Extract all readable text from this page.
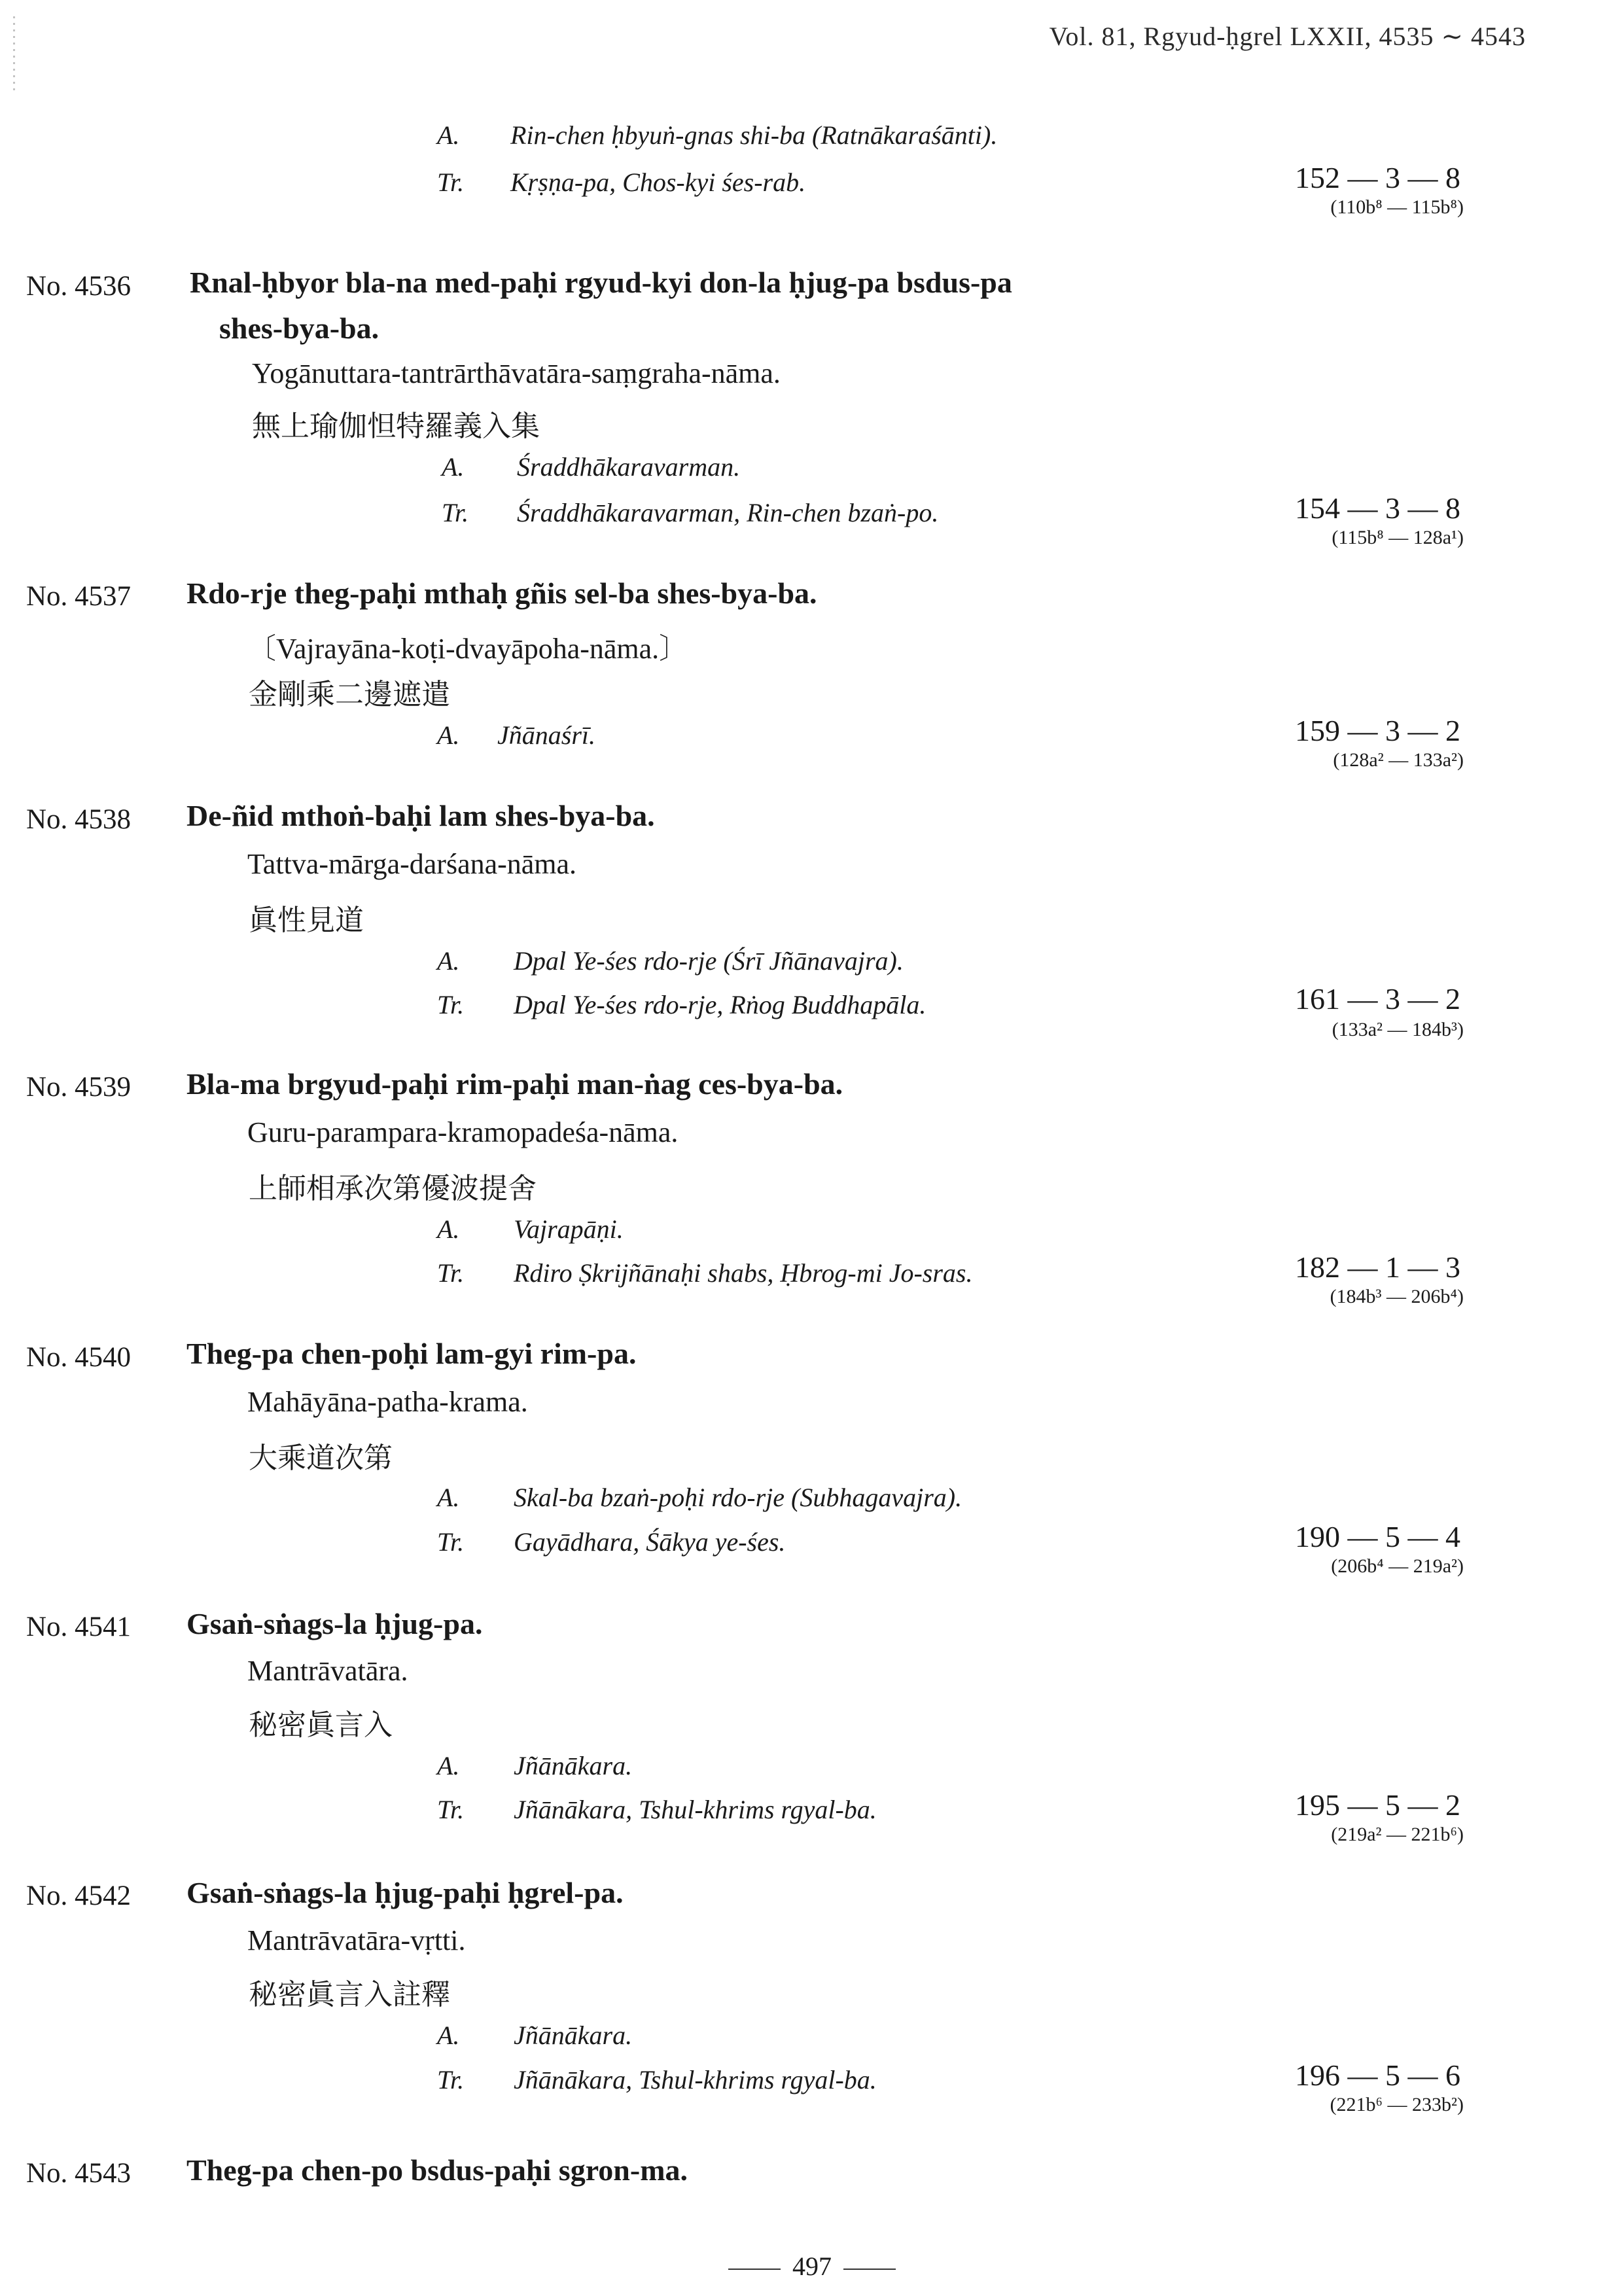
Vol. 81, Rgyud-ḥgrel LXXII, 4535 ∼ 4543
A. Rin-chen ḥbyuṅ-gnas shi-ba (Ratnākaraśānti).
Tr. Kṛṣṇa-pa, Chos-kyi śes-rab.	152 — 3 — 8
(110b⁸ — 115b⁸)
No. 4536 Rnal-ḥbyor bla-na med-paḥi rgyud-kyi don-la ḥjug-pa bsdus-pa
shes-bya-ba.
Yogānuttara-tantrārthāvatāra-saṃgraha-nāma.
無上瑜伽怛特羅義入集
A. Śraddhākaravarman.
Tr. Śraddhākaravarman, Rin-chen bzaṅ-po.	154 — 3 — 8
(115b⁸ — 128a¹)
No. 4537 Rdo-rje theg-paḥi mthaḥ gñis sel-ba shes-bya-ba.
〔Vajrayāna-koṭi-dvayāpoha-nāma.〕
金剛乘二邊遮遣
A. Jñānaśrī.	159 — 3 — 2
(128a² — 133a²)
No. 4538 De-ñid mthoṅ-baḥi lam shes-bya-ba.
Tattva-mārga-darśana-nāma.
眞性見道
A. Dpal Ye-śes rdo-rje (Śrī Jñānavajra).
Tr. Dpal Ye-śes rdo-rje, Rṅog Buddhapāla.	161 — 3 — 2
(133a² — 184b³)
No. 4539 Bla-ma brgyud-paḥi rim-paḥi man-ṅag ces-bya-ba.
Guru-parampara-kramopadeśa-nāma.
上師相承次第優波提舍
A. Vajrapāṇi.
Tr. Rdiro Ṣkrijñānaḥi shabs, Ḥbrog-mi Jo-sras.	182 — 1 — 3
(184b³ — 206b⁴)
No. 4540 Theg-pa chen-poḥi lam-gyi rim-pa.
Mahāyāna-patha-krama.
大乘道次第
A. Skal-ba bzaṅ-poḥi rdo-rje (Subhagavajra).
Tr. Gayādhara, Śākya ye-śes.	190 — 5 — 4
(206b⁴ — 219a²)
No. 4541 Gsaṅ-sṅags-la ḥjug-pa.
Mantrāvatāra.
秘密眞言入
A. Jñānākara.
Tr. Jñānākara, Tshul-khrims rgyal-ba.	195 — 5 — 2
(219a² — 221b⁶)
No. 4542 Gsaṅ-sṅags-la ḥjug-paḥi ḥgrel-pa.
Mantrāvatāra-vṛtti.
秘密眞言入註釋
A. Jñānākara.
Tr. Jñānākara, Tshul-khrims rgyal-ba.	196 — 5 — 6
(221b⁶ — 233b²)
No. 4543 Theg-pa chen-po bsdus-paḥi sgron-ma.
497
